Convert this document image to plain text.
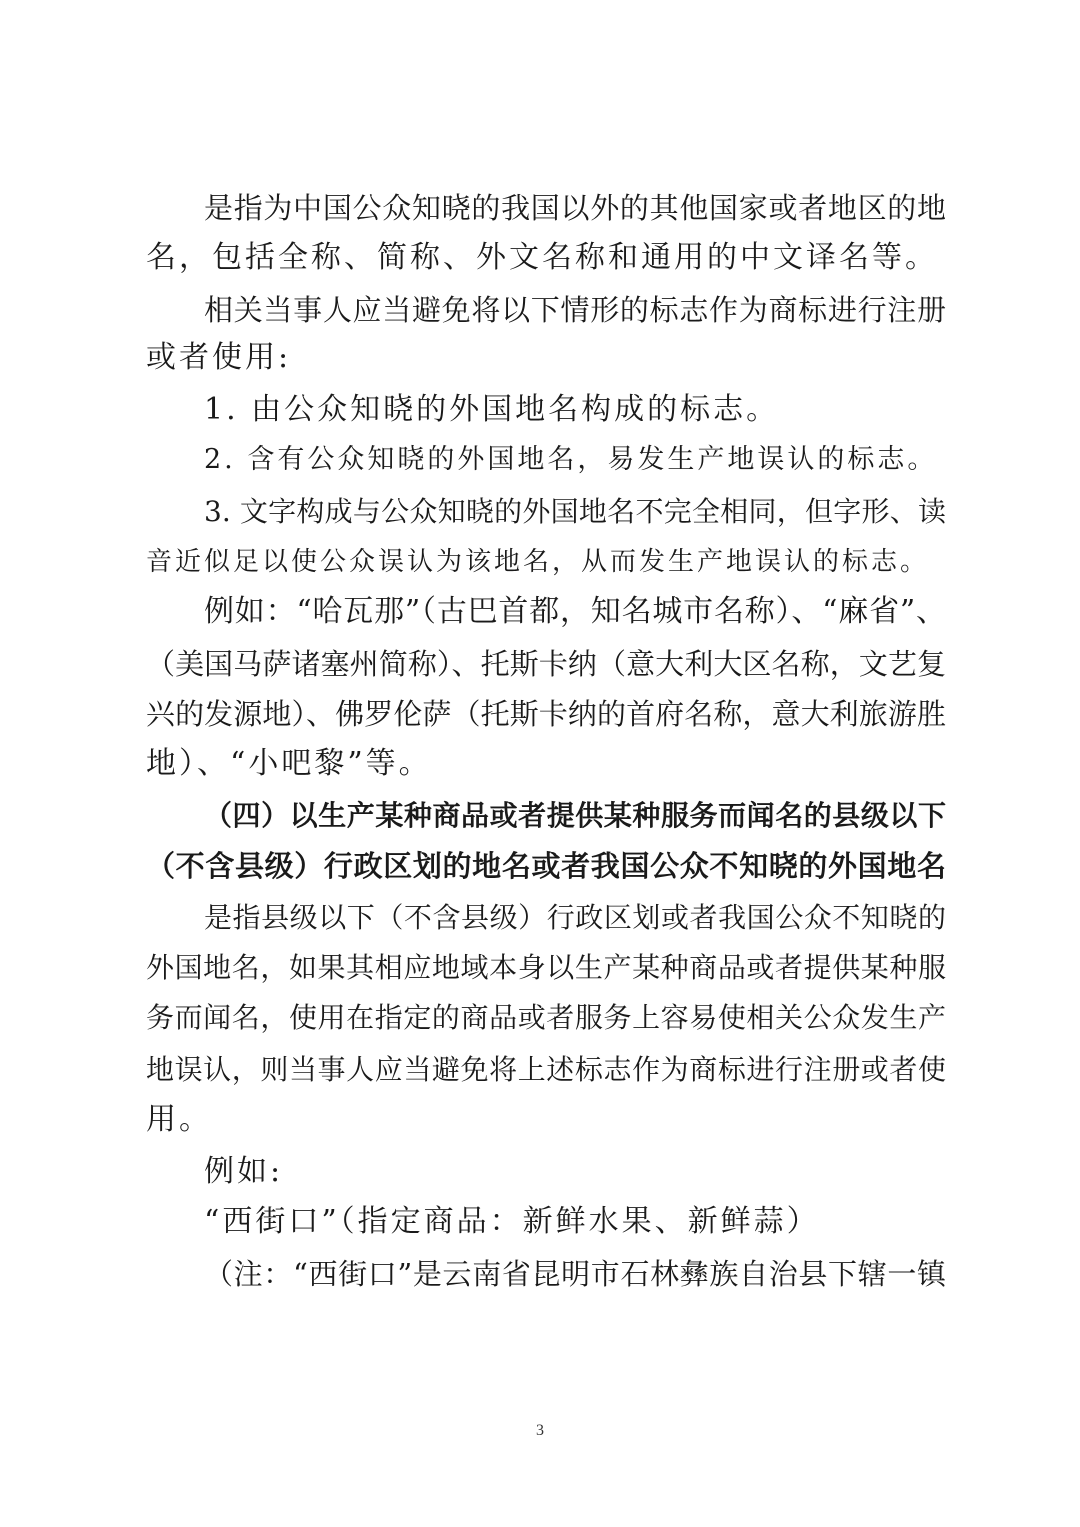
是指为中国公众知晓的我国以外的其他国家或者地区的地
名，包括全称、简称、外文名称和通用的中文译名等。
相关当事人应当避免将以下情形的标志作为商标进行注册
或者使用:
1. 由公众知晓的外国地名构成的标志。
2. 含有公众知晓的外国地名，易发生产地误认的标志。
3. 文字构成与公众知晓的外国地名不完全相同，但字形、读
音近似足以使公众误认为该地名，从而发生产地误认的标志。
例如：“哈瓦那”（古巴首都，知名城市名称）、“麻省”、
（美国马萨诸塞州简称）、托斯卡纳（意大利大区名称，文艺复
兴的发源地）、佛罗伦萨（托斯卡纳的首府名称，意大利旅游胜
地）、“小吧黎”等。
（四）以生产某种商品或者提供某种服务而闻名的县级以下
（不含县级）行政区划的地名或者我国公众不知晓的外国地名
是指县级以下（不含县级）行政区划或者我国公众不知晓的
外国地名，如果其相应地域本身以生产某种商品或者提供某种服
务而闻名，使用在指定的商品或者服务上容易使相关公众发生产
地误认，则当事人应当避免将上述标志作为商标进行注册或者使
用。
例如:
“西街口”（指定商品：新鲜水果、新鲜蒜）
（注：“西街口”是云南省昆明市石林彝族自治县下辖一镇
3
